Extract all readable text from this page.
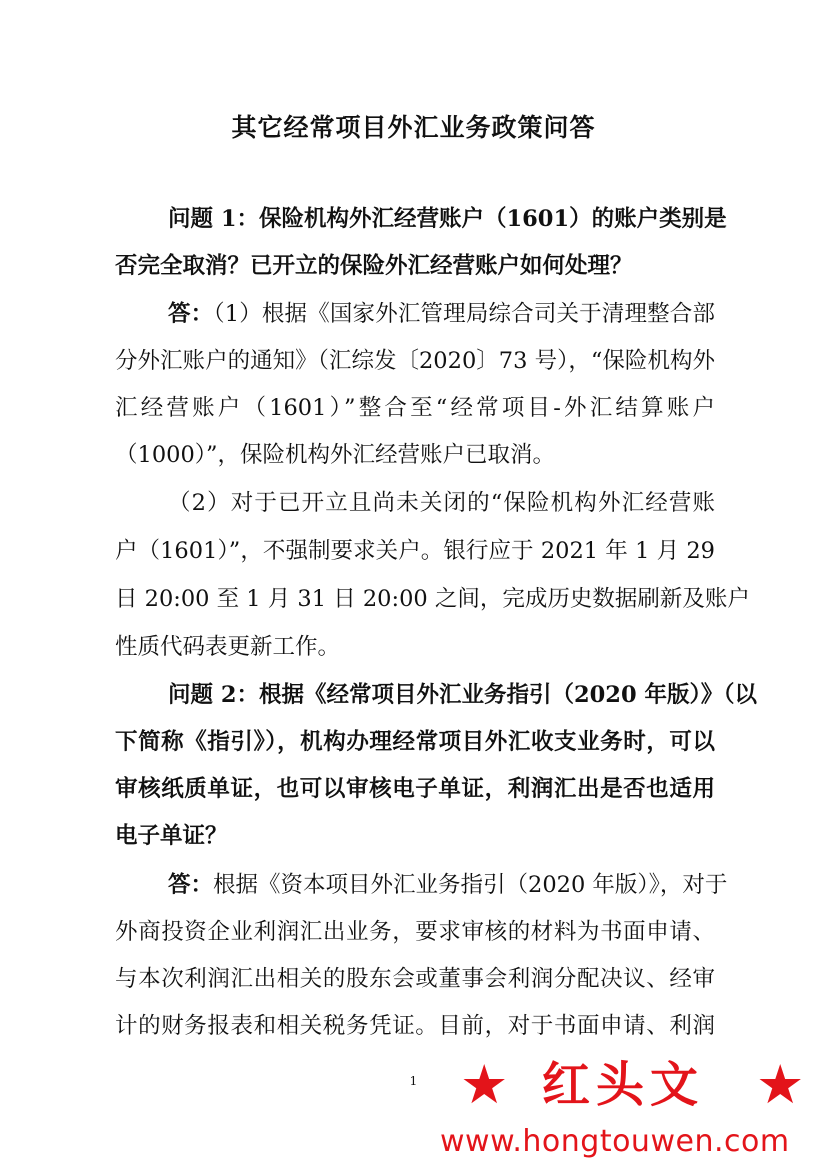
其它经常项目外汇业务政策问答

问题 1：保险机构外汇经营账户（1601）的账户类别是

否完全取消？已开立的保险外汇经营账户如何处理？

答：（1）根据《国家外汇管理局综合司关于清理整合部

分外汇账户的通知》（汇综发〔2020〕73 号），“保险机构外

汇经营账户（1601）”整合至“经常项目-外汇结算账户

（1000）”，保险机构外汇经营账户已取消。

（2）对于已开立且尚未关闭的“保险机构外汇经营账

户（1601）”，不强制要求关户。银行应于 2021 年 1 月 29

日 20:00 至 1 月 31 日 20:00 之间，完成历史数据刷新及账户

性质代码表更新工作。

问题 2：根据《经常项目外汇业务指引（2020 年版）》（以

下简称《指引》），机构办理经常项目外汇收支业务时，可以

审核纸质单证，也可以审核电子单证，利润汇出是否也适用

电子单证？

答：根据《资本项目外汇业务指引（2020 年版）》，对于

外商投资企业利润汇出业务，要求审核的材料为书面申请、

与本次利润汇出相关的股东会或董事会利润分配决议、经审

计的财务报表和相关税务凭证。目前，对于书面申请、利润

1 ★ 红头文 ★
www.hongtouwen.com
